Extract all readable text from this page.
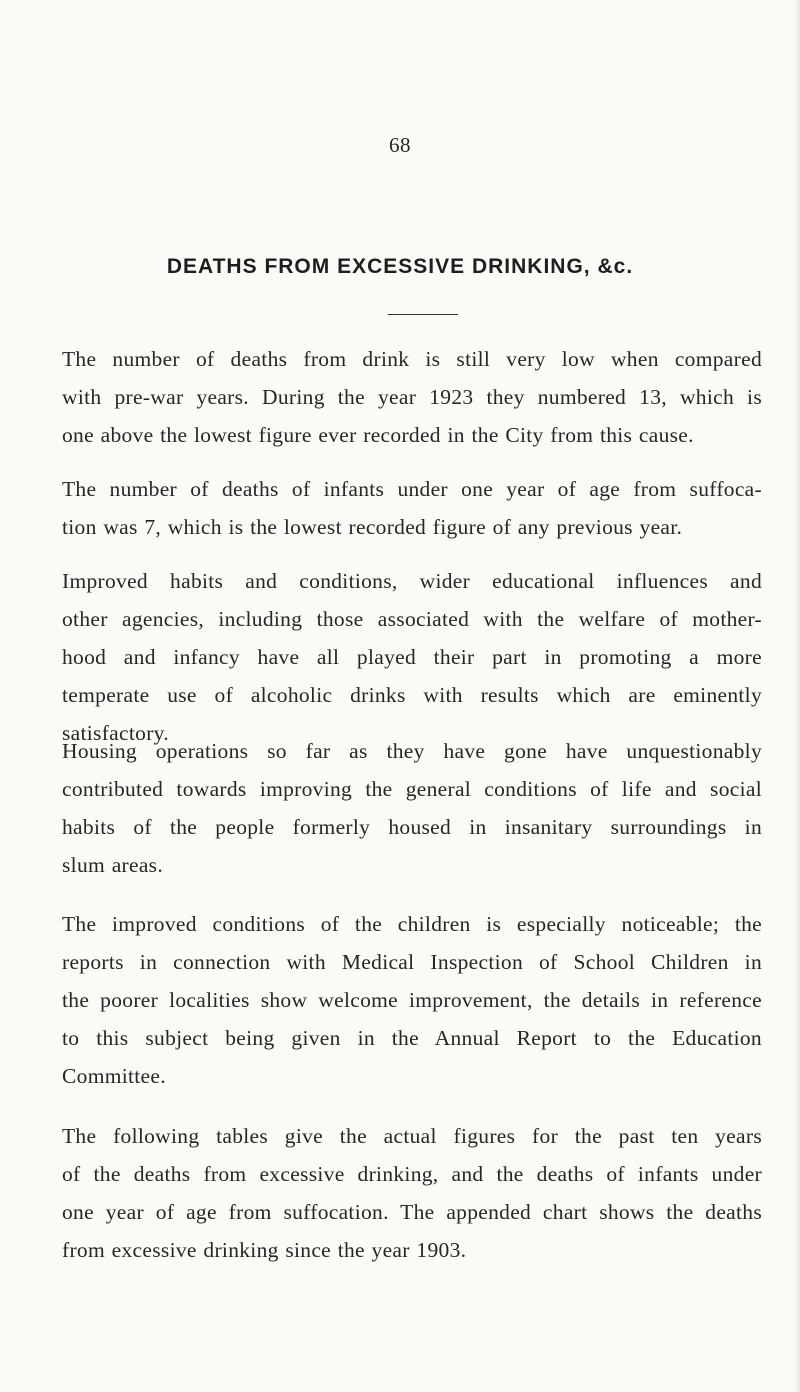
68
DEATHS FROM EXCESSIVE DRINKING, &c.
The number of deaths from drink is still very low when compared
with pre-war years. During the year 1923 they numbered 13, which is
one above the lowest figure ever recorded in the City from this cause.
The number of deaths of infants under one year of age from suffoca-
tion was 7, which is the lowest recorded figure of any previous year.
Improved habits and conditions, wider educational influences and
other agencies, including those associated with the welfare of mother-
hood and infancy have all played their part in promoting a more
temperate use of alcoholic drinks with results which are eminently
satisfactory.
Housing operations so far as they have gone have unquestionably
contributed towards improving the general conditions of life and social
habits of the people formerly housed in insanitary surroundings in
slum areas.
The improved conditions of the children is especially noticeable; the
reports in connection with Medical Inspection of School Children in
the poorer localities show welcome improvement, the details in reference
to this subject being given in the Annual Report to the Education
Committee.
The following tables give the actual figures for the past ten years
of the deaths from excessive drinking, and the deaths of infants under
one year of age from suffocation. The appended chart shows the deaths
from excessive drinking since the year 1903.
